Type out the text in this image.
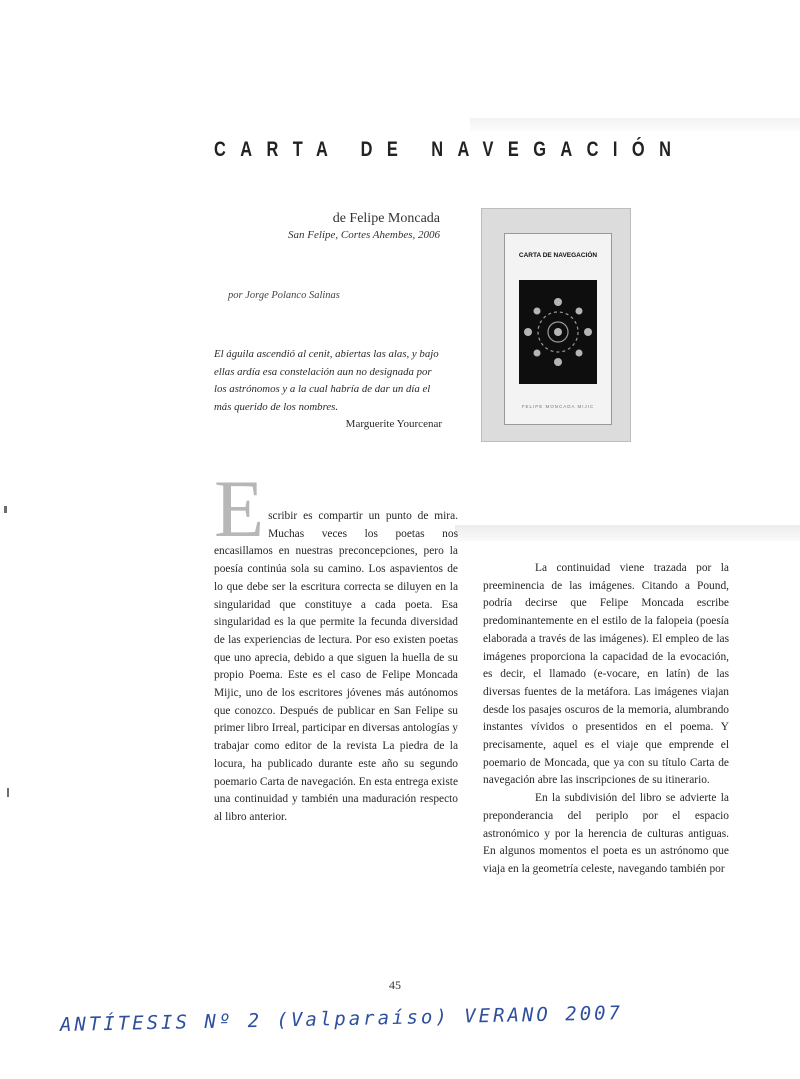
CARTA DE NAVEGACIÓN
de Felipe Moncada
San Felipe, Cortes Ahembes, 2006
por Jorge Polanco Salinas
El águila ascendió al cenit, abiertas las alas, y bajo ellas ardía esa constelación aun no designada por los astrónomos y a la cual habría de dar un día el más querido de los nombres.
Marguerite Yourcenar
CARTA DE NAVEGACIÓN
FELIPE MONCADA MIJIC

Escribir es compartir un punto de mira. Muchas veces los poetas nos encasillamos en nuestras preconcepciones, pero la poesía continúa sola su camino. Los aspavientos de lo que debe ser la escritura correcta se diluyen en la singularidad que constituye a cada poeta. Esa singularidad es la que permite la fecunda diversidad de las experiencias de lectura. Por eso existen poetas que uno aprecia, debido a que siguen la huella de su propio Poema. Este es el caso de Felipe Moncada Mijic, uno de los escritores jóvenes más autónomos que conozco. Después de publicar en San Felipe su primer libro Irreal, participar en diversas antologías y trabajar como editor de la revista La piedra de la locura, ha publicado durante este año su segundo poemario Carta de navegación. En esta entrega existe una continuidad y también una maduración respecto al libro anterior.

La continuidad viene trazada por la preeminencia de las imágenes. Citando a Pound, podría decirse que Felipe Moncada escribe predominantemente en el estilo de la falopeia (poesía elaborada a través de las imágenes). El empleo de las imágenes proporciona la capacidad de la evocación, es decir, el llamado (e-vocare, en latín) de las diversas fuentes de la metáfora. Las imágenes viajan desde los pasajes oscuros de la memoria, alumbrando instantes vívidos o presentidos en el poema. Y precisamente, aquel es el viaje que emprende el poemario de Moncada, que ya con su título Carta de navegación abre las inscripciones de su itinerario.

En la subdivisión del libro se advierte la preponderancia del periplo por el espacio astronómico y por la herencia de culturas antiguas. En algunos momentos el poeta es un astrónomo que viaja en la geometría celeste, navegando también por

45
ANTÍTESIS Nº 2 (Valparaíso) VERANO 2007
